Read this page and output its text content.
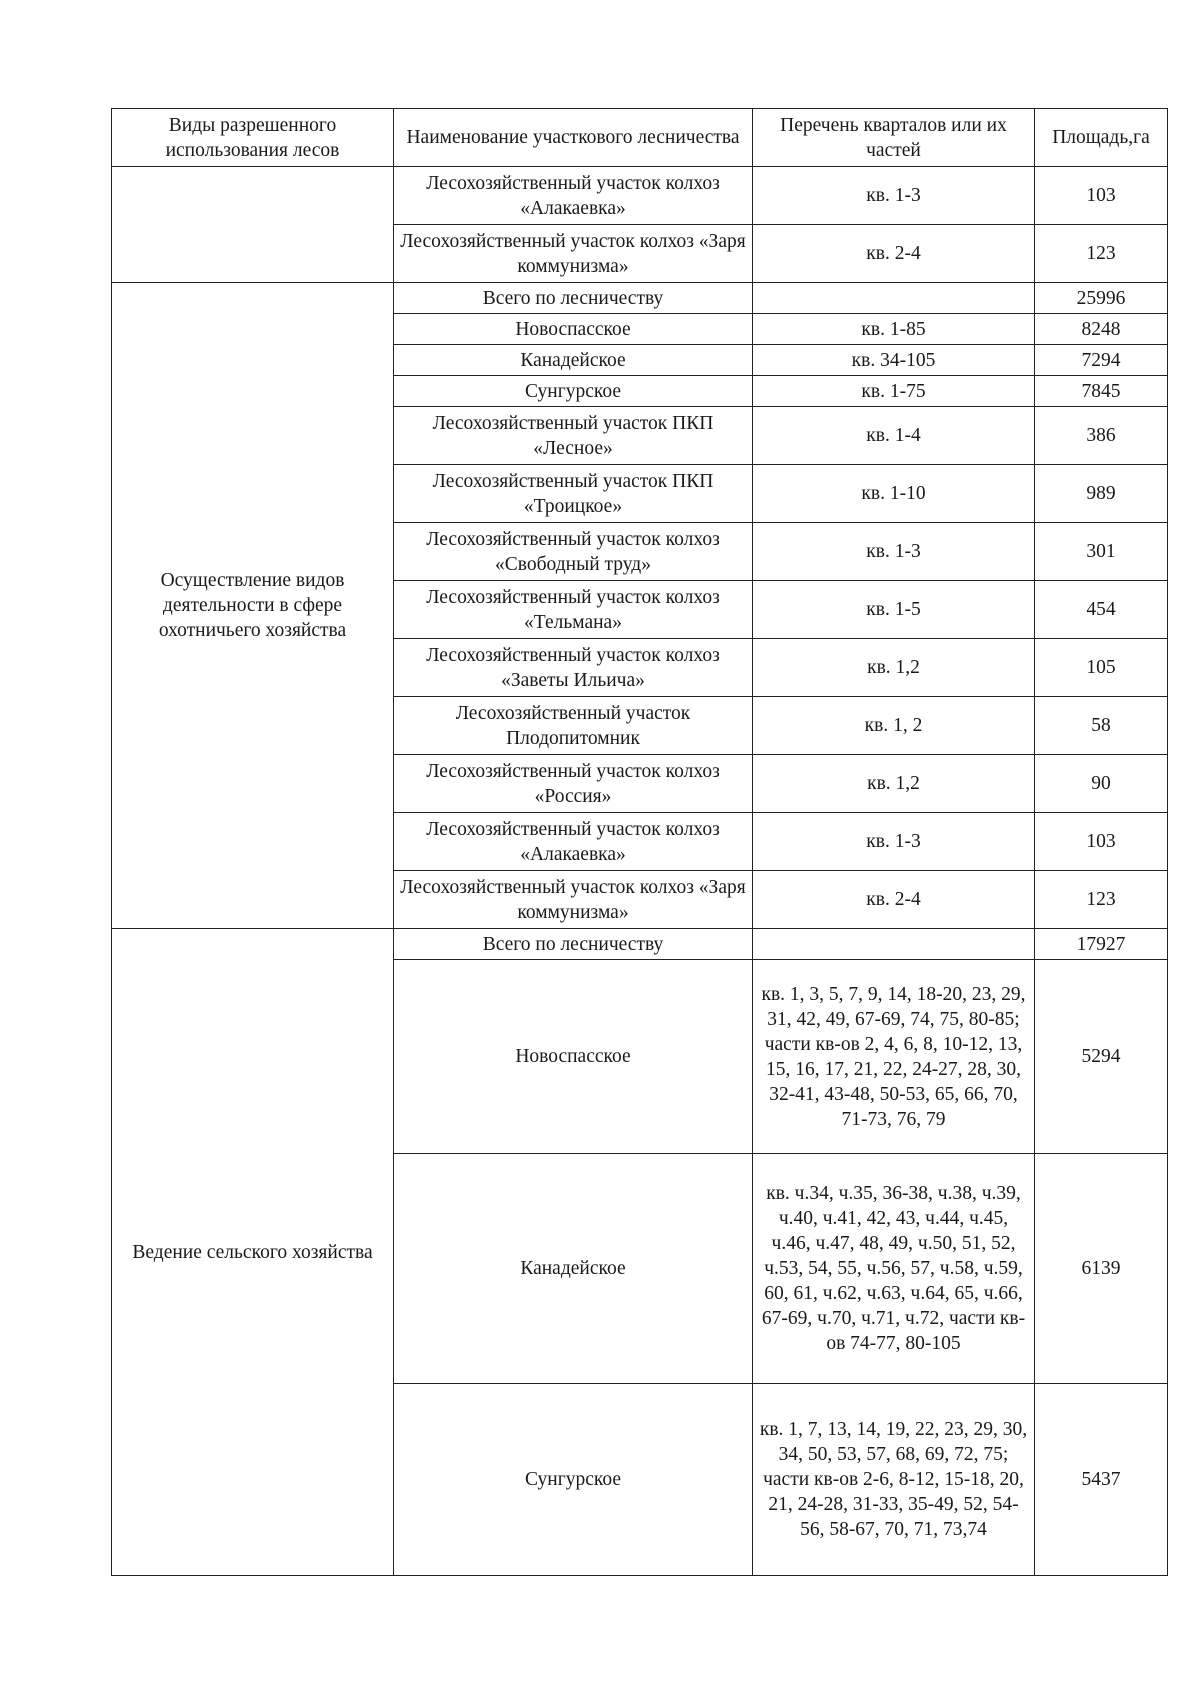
Виды разрешенного использования лесов	Наименование участкового лесничества	Перечень кварталов или их частей	Площадь,га
	Лесохозяйственный участок колхоз «Алакаевка»	кв. 1-3	103
	Лесохозяйственный участок колхоз «Заря коммунизма»	кв. 2-4	123
Осуществление видов деятельности в сфере охотничьего хозяйства	Всего по лесничеству		25996
	Новоспасское	кв. 1-85	8248
	Канадейское	кв. 34-105	7294
	Сунгурское	кв. 1-75	7845
	Лесохозяйственный участок ПКП «Лесное»	кв. 1-4	386
	Лесохозяйственный участок ПКП «Троицкое»	кв. 1-10	989
	Лесохозяйственный участок колхоз «Свободный труд»	кв. 1-3	301
	Лесохозяйственный участок колхоз «Тельмана»	кв. 1-5	454
	Лесохозяйственный участок колхоз «Заветы Ильича»	кв. 1,2	105
	Лесохозяйственный участок Плодопитомник	кв. 1, 2	58
	Лесохозяйственный участок колхоз «Россия»	кв. 1,2	90
	Лесохозяйственный участок колхоз «Алакаевка»	кв. 1-3	103
	Лесохозяйственный участок колхоз «Заря коммунизма»	кв. 2-4	123
Ведение сельского хозяйства	Всего по лесничеству		17927
	Новоспасское	кв. 1, 3, 5, 7, 9, 14, 18-20, 23, 29, 31, 42, 49, 67-69, 74, 75, 80-85; части кв-ов 2, 4, 6, 8, 10-12, 13, 15, 16, 17, 21, 22, 24-27, 28, 30, 32-41, 43-48, 50-53, 65, 66, 70, 71-73, 76, 79	5294
	Канадейское	кв. ч.34, ч.35, 36-38, ч.38, ч.39, ч.40, ч.41, 42, 43, ч.44, ч.45, ч.46, ч.47, 48, 49, ч.50, 51, 52, ч.53, 54, 55, ч.56, 57, ч.58, ч.59, 60, 61, ч.62, ч.63, ч.64, 65, ч.66, 67-69, ч.70, ч.71, ч.72, части кв-ов 74-77, 80-105	6139
	Сунгурское	кв. 1, 7, 13, 14, 19, 22, 23, 29, 30, 34, 50, 53, 57, 68, 69, 72, 75; части кв-ов 2-6, 8-12, 15-18, 20, 21, 24-28, 31-33, 35-49, 52, 54-56, 58-67, 70, 71, 73,74	5437
